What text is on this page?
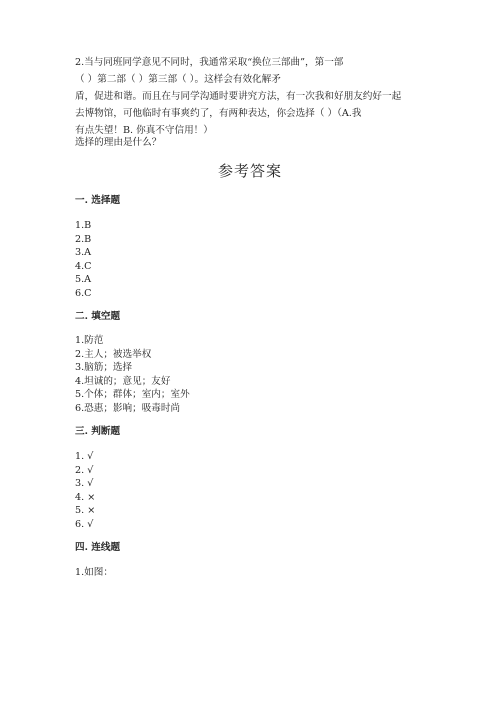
2.当与同班同学意见不同时，我通常采取“换位三部曲”，第一部

（ ）第二部（ ）第三部（ ）。这样会有效化解矛

盾，促进和谐。而且在与同学沟通时要讲究方法，有一次我和好朋友约好一起

去博物馆，可他临时有事爽约了，有两种表达，你会选择（ ）（A.我

有点失望！B. 你真不守信用！）

选择的理由是什么？
参考答案
一. 选择题
1.B
2.B
3.A
4.C
5.A
6.C
二. 填空题
1.防范
2.主人；被选举权
3.脑筋；选择
4.坦诚的；意见；友好
5.个体；群体；室内；室外
6.恐惠；影响；吸毒时尚
三. 判断题
1. √
2. √
3. √
4. ×
5. ×
6. √
四. 连线题
1.如图：
